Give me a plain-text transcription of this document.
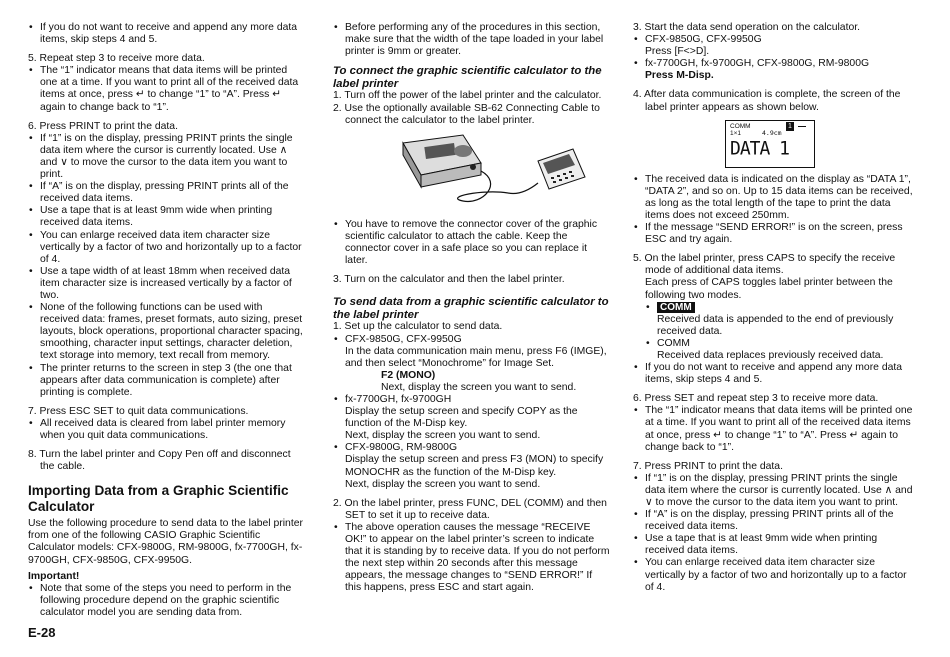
• If you do not want to receive and append any more data items, skip steps 4 and 5.

5. Repeat step 3 to receive more data.

• The “1” indicator means that data items will be printed one at a time. If you want to print all of the received data items at once, press ↵ to change “1” to “A”. Press ↵ again to change back to “1”.

6. Press PRINT to print the data.

• If “1” is on the display, pressing PRINT prints the single data item where the cursor is currently located. Use ∧ and ∨ to move the cursor to the data item you want to print.

• If “A” is on the display, pressing PRINT prints all of the received data items.

• Use a tape that is at least 9mm wide when printing received data items.

• You can enlarge received data item character size vertically by a factor of two and horizontally up to a factor of 4.

• Use a tape width of at least 18mm when received data item character size is increased vertically by a factor of two.

• None of the following functions can be used with received data: frames, preset formats, auto sizing, preset layouts, block operations, proportional character spacing, smoothing, character input settings, character deletion, text storage into memory, text recall from memory.

• The printer returns to the screen in step 3 (the one that appears after data communication is complete) after printing is complete.

7. Press ESC SET to quit data communications.

• All received data is cleared from label printer memory when you quit data communications.

8. Turn the label printer and Copy Pen off and disconnect the cable.

Importing Data from a Graphic Scientific Calculator

Use the following procedure to send data to the label printer from one of the following CASIO Graphic Scientific Calculator models: CFX-9800G, RM-9800G, fx-7700GH, fx-9700GH, CFX-9850G, CFX-9950G.

Important!

• Note that some of the steps you need to perform in the following procedure depend on the graphic scientific calculator model you are sending data from.

• Before performing any of the procedures in this section, make sure that the width of the tape loaded in your label printer is 9mm or greater.

To connect the graphic scientific calculator to the label printer

1. Turn off the power of the label printer and the calculator.

2. Use the optionally available SB-62 Connecting Cable to connect the calculator to the label printer.

• You have to remove the connector cover of the graphic scientific calculator to attach the cable. Keep the connector cover in a safe place so you can replace it later.

3. Turn on the calculator and then the label printer.

To send data from a graphic scientific calculator to the label printer

1. Set up the calculator to send data.

• CFX-9850G, CFX-9950G

In the data communication main menu, press F6 (IMGE), and then select “Monochrome” for Image Set.

F2 (MONO)

Next, display the screen you want to send.

• fx-7700GH, fx-9700GH

Display the setup screen and specify COPY as the function of the M-Disp key.

Next, display the screen you want to send.

• CFX-9800G, RM-9800G

Display the setup screen and press F3 (MON) to specify MONOCHR as the function of the M-Disp key.

Next, display the screen you want to send.

2. On the label printer, press FUNC, DEL (COMM) and then SET to set it up to receive data.

• The above operation causes the message “RECEIVE OK!” to appear on the label printer’s screen to indicate that it is standing by to receive data. If you do not perform the next step within 20 seconds after this message appears, the message changes to “SEND ERROR!” If this happens, press ESC and start again.

3. Start the data send operation on the calculator.

• CFX-9850G, CFX-9950G

Press [F<>D].

• fx-7700GH, fx-9700GH, CFX-9800G, RM-9800G

Press M-Disp.

4. After data communication is complete, the screen of the label printer appears as shown below.

COMM
1×1	4.9cm
1
DATA 1

• The received data is indicated on the display as “DATA 1”, “DATA 2”, and so on. Up to 15 data items can be received, as long as the total length of the tape to print the data items does not exceed 250mm.

• If the message “SEND ERROR!” is on the screen, press ESC and try again.

5. On the label printer, press CAPS to specify the receive mode of additional data items.

Each press of CAPS toggles label printer between the following two modes.

• COMM

Received data is appended to the end of previously received data.

• COMM

Received data replaces previously received data.

• If you do not want to receive and append any more data items, skip steps 4 and 5.

6. Press SET and repeat step 3 to receive more data.

• The “1” indicator means that data items will be printed one at a time. If you want to print all of the received data items at once, press ↵ to change “1” to “A”. Press ↵ again to change back to “1”.

7. Press PRINT to print the data.

• If “1” is on the display, pressing PRINT prints the single data item where the cursor is currently located. Use ∧ and ∨ to move the cursor to the data item you want to print.

• If “A” is on the display, pressing PRINT prints all of the received data items.

• Use a tape that is at least 9mm wide when printing received data items.

• You can enlarge received data item character size vertically by a factor of two and horizontally up to a factor of 4.

E-28
